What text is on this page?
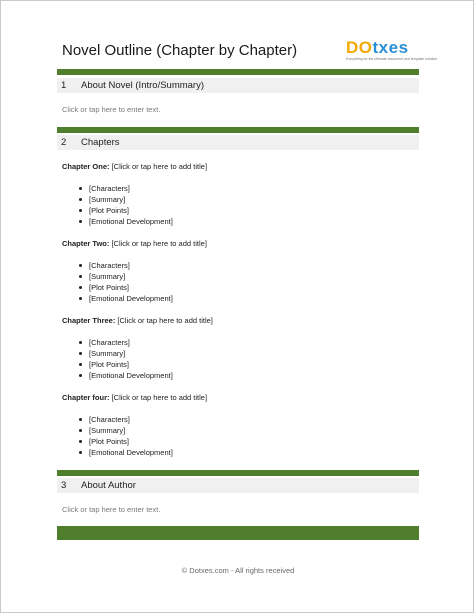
Novel Outline (Chapter by Chapter)	DOtxes
Everything for the ultimate document and template solution
1 About Novel (Intro/Summary)
Click or tap here to enter text.
2 Chapters
Chapter One: [Click or tap here to add title]
[Characters]
[Summary]
[Plot Points]
[Emotional Development]
Chapter Two: [Click or tap here to add title]
[Characters]
[Summary]
[Plot Points]
[Emotional Development]
Chapter Three: [Click or tap here to add title]
[Characters]
[Summary]
[Plot Points]
[Emotional Development]
Chapter four: [Click or tap here to add title]
[Characters]
[Summary]
[Plot Points]
[Emotional Development]
3 About Author
Click or tap here to enter text.
© Dotxes.com - All rights received
